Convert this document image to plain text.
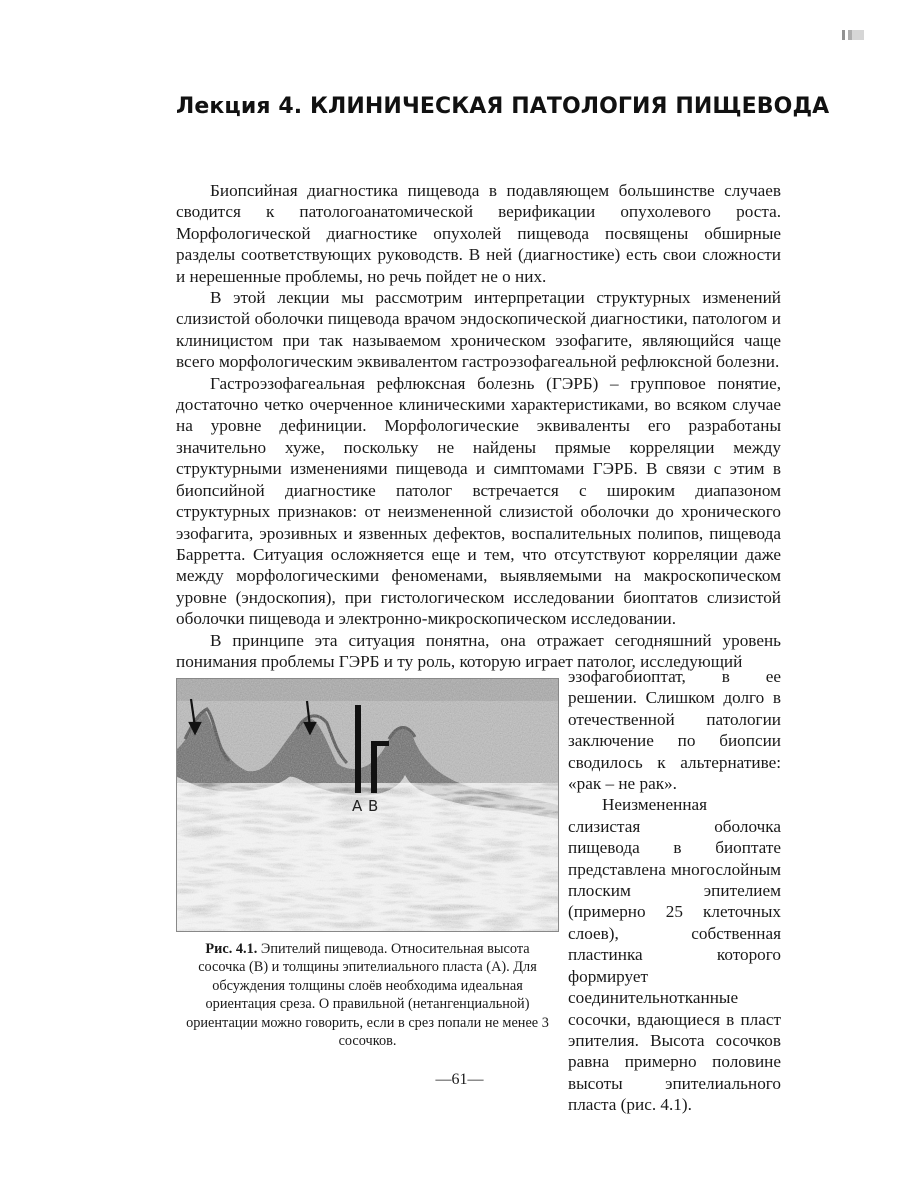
Лекция 4. КЛИНИЧЕСКАЯ ПАТОЛОГИЯ ПИЩЕВОДА

Биопсийная диагностика пищевода в подавляющем большинстве случаев сводится к патологоанатомической верификации опухолевого роста. Морфологической диагностике опухолей пищевода посвящены обширные разделы соответствующих руководств. В ней (диагностике) есть свои сложности и нерешенные проблемы, но речь пойдет не о них.

В этой лекции мы рассмотрим интерпретации структурных изменений слизистой оболочки пищевода врачом эндоскопической диагностики, патологом и клиницистом при так называемом хроническом эзофагите, являющийся чаще всего морфологическим эквивалентом гастроэзофагеальной рефлюксной болезни.

Гастроэзофагеальная рефлюксная болезнь (ГЭРБ) – групповое понятие, достаточно четко очерченное клиническими характеристиками, во всяком случае на уровне дефиниции. Морфологические эквиваленты его разработаны значительно хуже, поскольку не найдены прямые корреляции между структурными изменениями пищевода и симптомами ГЭРБ. В связи с этим в биопсийной диагностике патолог встречается с широким диапазоном структурных признаков: от неизмененной слизистой оболочки до хронического эзофагита, эрозивных и язвенных дефектов, воспалительных полипов, пищевода Барретта. Ситуация осложняется еще и тем, что отсутствуют корреляции даже между морфологическими феноменами, выявляемыми на макроскопическом уровне (эндоскопия), при гистологическом исследовании биоптатов слизистой оболочки пищевода и электронно-микроскопическом исследовании.

В принципе эта ситуация понятна, она отражает сегодняшний уровень понимания проблемы ГЭРБ и ту роль, которую играет патолог, исследующий

A B
Рис. 4.1. Эпителий пищевода. Относительная высота сосочка (В) и толщины эпителиального пласта (А). Для обсуждения толщины слоёв необходима идеальная ориентация среза. О правильной (нетангенциальной) ориентации можно говорить, если в срез попали не менее 3 сосочков.

эзофагобиоптат, в ее решении. Слишком долго в отечественной патологии заключение по биопсии сводилось к альтернативе: «рак – не рак».

Неизмененная слизистая оболочка пищевода в биоптате представлена многослойным плоским эпителием (примерно 25 клеточных слоев), собственная пластинка которого формирует соединительнотканные сосочки, вдающиеся в пласт эпителия. Высота сосочков равна примерно половине высоты эпителиального пласта (рис. 4.1).

—61—
